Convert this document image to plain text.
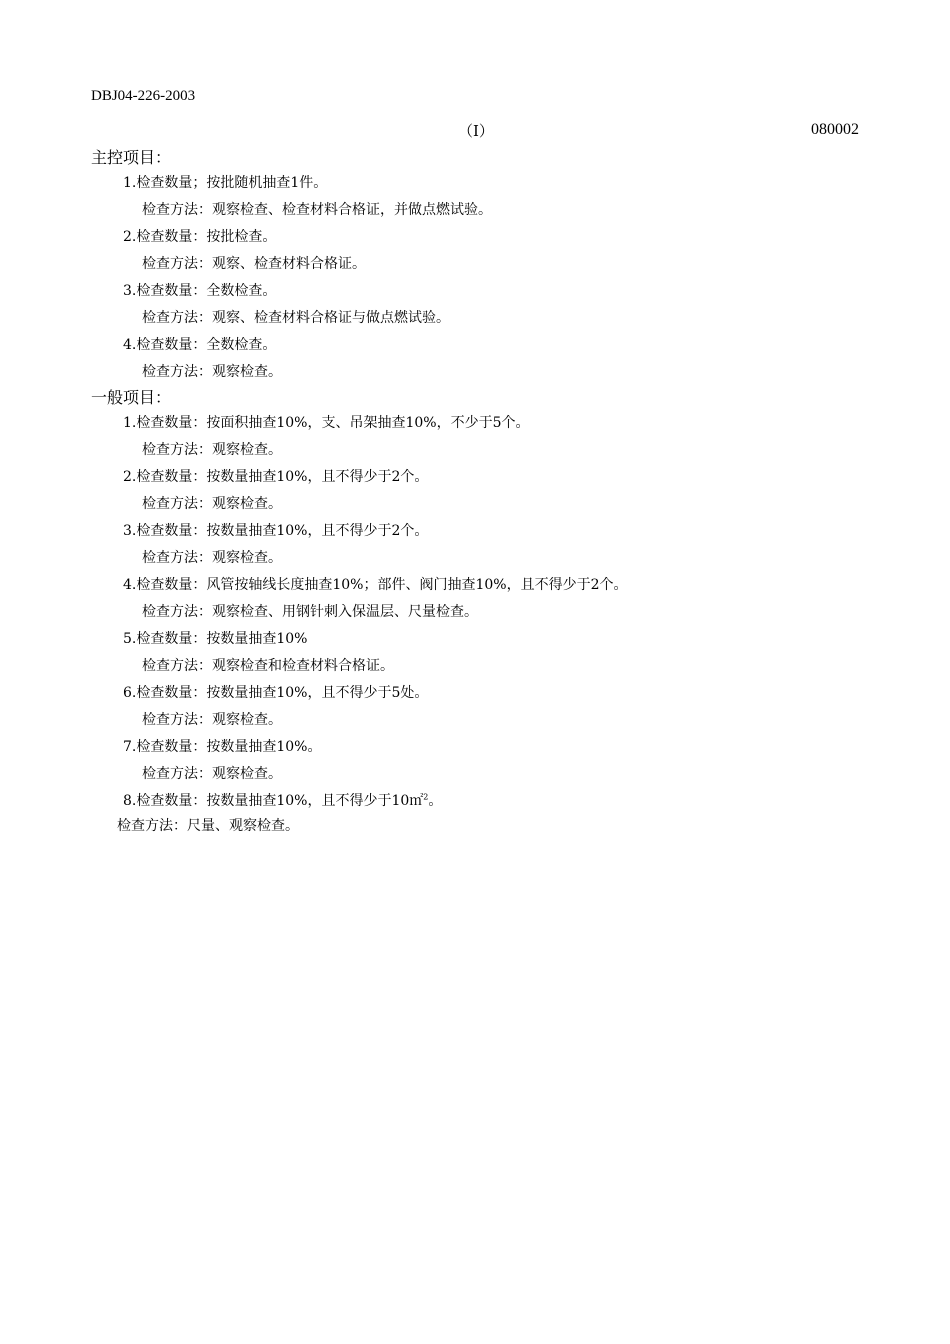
DBJ04-226-2003
（Ⅰ）	080002
主控项目：
1.检查数量；按批随机抽查1件。
检查方法：观察检查、检查材料合格证，并做点燃试验。
2.检查数量：按批检查。
检查方法：观察、检查材料合格证。
3.检查数量：全数检查。
检查方法：观察、检查材料合格证与做点燃试验。
4.检查数量：全数检查。
检查方法：观察检查。
一般项目：
1.检查数量：按面积抽查10%，支、吊架抽查10%，不少于5个。
检查方法：观察检查。
2.检查数量：按数量抽查10%，且不得少于2个。
检查方法：观察检查。
3.检查数量：按数量抽查10%，且不得少于2个。
检查方法：观察检查。
4.检查数量：风管按轴线长度抽查10%；部件、阀门抽查10%，且不得少于2个。
检查方法：观察检查、用钢针刺入保温层、尺量检查。
5.检查数量：按数量抽查10%
检查方法：观察检查和检查材料合格证。
6.检查数量：按数量抽查10%，且不得少于5处。
检查方法：观察检查。
7.检查数量：按数量抽查10%。
检查方法：观察检查。
8.检查数量：按数量抽查10%，且不得少于10㎡$^2$。
检查方法：尺量、观察检查。
